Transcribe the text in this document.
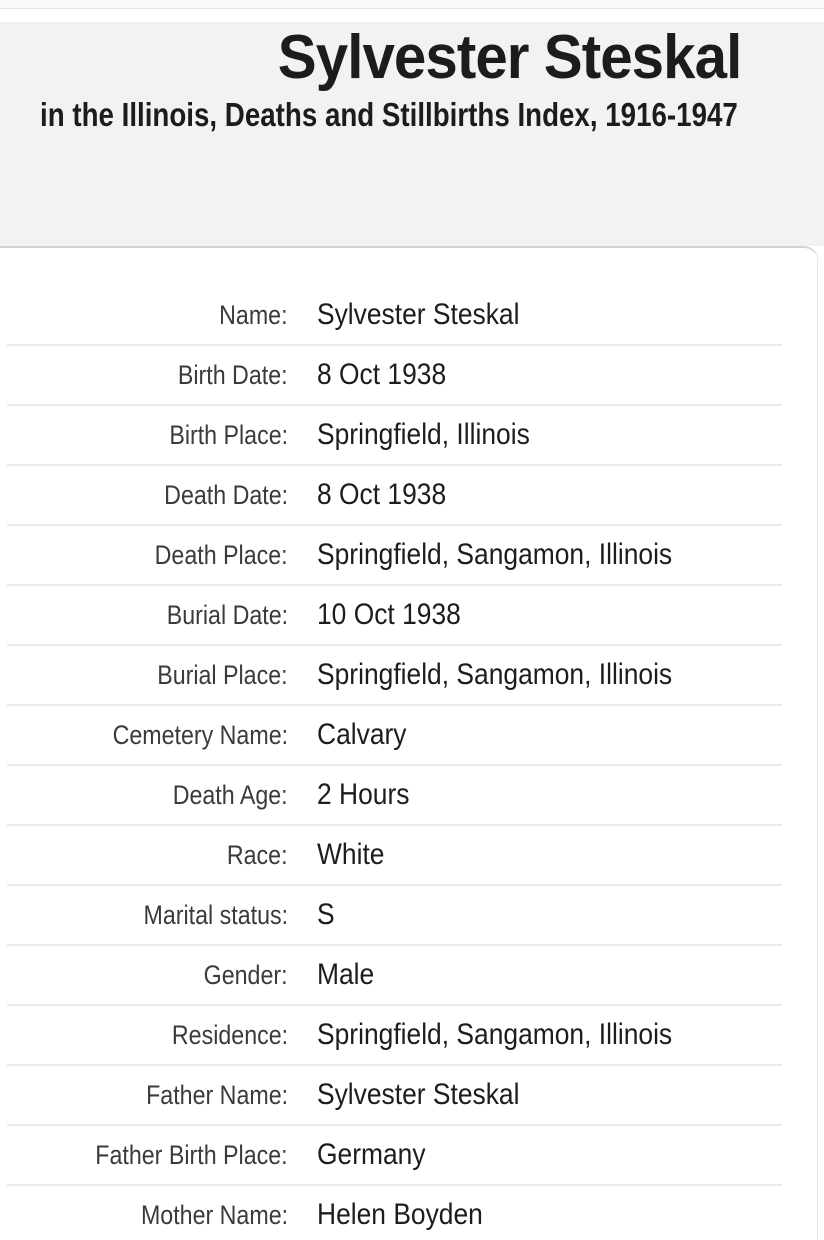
Sylvester Steskal
in the Illinois, Deaths and Stillbirths Index, 1916-1947
Name: Sylvester Steskal
Birth Date: 8 Oct 1938
Birth Place: Springfield, Illinois
Death Date: 8 Oct 1938
Death Place: Springfield, Sangamon, Illinois
Burial Date: 10 Oct 1938
Burial Place: Springfield, Sangamon, Illinois
Cemetery Name: Calvary
Death Age: 2 Hours
Race: White
Marital status: S
Gender: Male
Residence: Springfield, Sangamon, Illinois
Father Name: Sylvester Steskal
Father Birth Place: Germany
Mother Name: Helen Boyden
